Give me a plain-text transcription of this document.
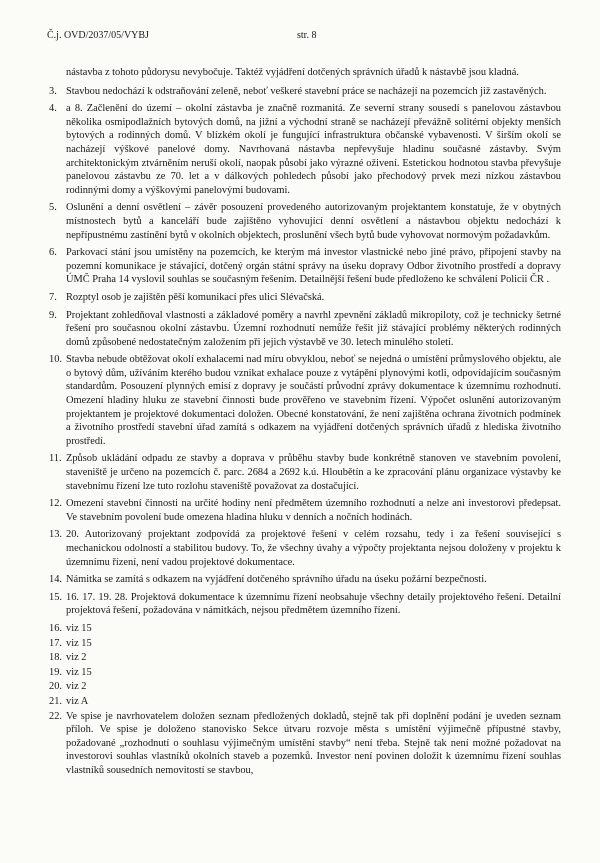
Č.j. OVD/2037/05/VYBJ	str. 8

nástavba z tohoto půdorysu nevybočuje. Taktéž vyjádření dotčených správních úřadů k nástavbě jsou kladná.

3. Stavbou nedochází k odstraňování zeleně, neboť veškeré stavební práce se nacházejí na pozemcích již zastavěných.
4. a 8. Začlenění do území – okolní zástavba je značně rozmanitá. Ze severní strany sousedí s panelovou zástavbou několika osmipodlažních bytových domů, na jižní a východní straně se nacházejí převážně solitérní objekty menších bytových a rodinných domů. V blízkém okolí je fungující infrastruktura občanské vybavenosti. V širším okolí se nacházejí výškové panelové domy. Navrhovaná nástavba nepřevyšuje hladinu současné zástavby. Svým architektonickým ztvárněním neruší okolí, naopak působí jako výrazné oživení. Estetickou hodnotou stavba převyšuje panelovou zástavbu ze 70. let a v dálkových pohledech působí jako přechodový prvek mezi nízkou zástavbou rodinnými domy a výškovými panelovými budovami.
5. Oslunění a denní osvětlení – závěr posouzení provedeného autorizovaným projektantem konstatuje, že v obytných místnostech bytů a kanceláří bude zajištěno vyhovující denní osvětlení a nástavbou objektu nedochází k nepřípustnému zastínění bytů v okolních objektech, proslunění všech bytů bude vyhovovat normovým požadavkům.
6. Parkovací stání jsou umístěny na pozemcích, ke kterým má investor vlastnické nebo jiné právo, připojení stavby na pozemní komunikace je stávající, dotčený orgán státní správy na úseku dopravy Odbor životního prostředí a dopravy ÚMČ Praha 14 vyslovil souhlas se současným řešením. Detailnější řešení bude předloženo ke schválení Policii ČR .
7. Rozptyl osob je zajištěn pěší komunikací přes ulici Slévačská.
9. Projektant zohledňoval vlastnosti a základové poměry a navrhl zpevnění základů mikropiloty, což je technicky šetrné řešení pro současnou okolní zástavbu. Územní rozhodnutí nemůže řešit již stávající problémy některých rodinných domů způsobené nedostatečným založením při jejich výstavbě ve 30. letech minulého století.
10. Stavba nebude obtěžovat okolí exhalacemi nad míru obvyklou, neboť se nejedná o umístění průmyslového objektu, ale o bytový dům, užíváním kterého budou vznikat exhalace pouze z vytápění plynovými kotli, odpovídajícím současným standardům. Posouzení plynných emisí z dopravy je součástí průvodní zprávy dokumentace k územnímu rozhodnutí. Omezení hladiny hluku ze stavební činnosti bude prověřeno ve stavebním řízení. Výpočet oslunění autorizovaným projektantem je projektové dokumentaci doložen. Obecné konstatování, že není zajištěna ochrana životních podmínek a životního prostředí stavební úřad zamítá s odkazem na vyjádření dotčených správních úřadů z hlediska životního prostředí.
11. Způsob ukládání odpadu ze stavby a doprava v průběhu stavby bude konkrétně stanoven ve stavebním povolení, staveniště je určeno na pozemcích č. parc. 2684 a 2692 k.ú. Hloubětín a ke zpracování plánu organizace výstavby ke stavebnímu řízení lze tuto rozlohu staveniště považovat za dostačující.
12. Omezení stavební činnosti na určité hodiny není předmětem územního rozhodnutí a nelze ani investorovi předepsat. Ve stavebním povolení bude omezena hladina hluku v denních a nočních hodinách.
13. 20. Autorizovaný projektant zodpovídá za projektové řešení v celém rozsahu, tedy i za řešení související s mechanickou odolností a stabilitou budovy. To, že všechny úvahy a výpočty projektanta nejsou doloženy v projektu k územnímu řízení, není vadou projektové dokumentace.
14. Námitka se zamítá s odkazem na vyjádření dotčeného správního úřadu na úseku požární bezpečnosti.
15. 16. 17. 19. 28. Projektová dokumentace k územnímu řízení neobsahuje všechny detaily projektového řešení. Detailní projektová řešení, požadována v námitkách, nejsou předmětem územního řízení.
16. viz 15
17. viz 15
18. viz 2
19. viz 15
20. viz 2
21. viz A
22. Ve spise je navrhovatelem doložen seznam předložených dokladů, stejně tak při doplnění podání je uveden seznam příloh. Ve spise je doloženo stanovisko Sekce útvaru rozvoje města s umístění výjimečně přípustné stavby, požadované „rozhodnutí o souhlasu výjimečným umístění stavby“ není třeba. Stejně tak není možné požadovat na investorovi souhlas vlastníků okolních staveb a pozemků. Investor není povinen doložit k územnímu řízení souhlas vlastníků sousedních nemovitostí se stavbou,
